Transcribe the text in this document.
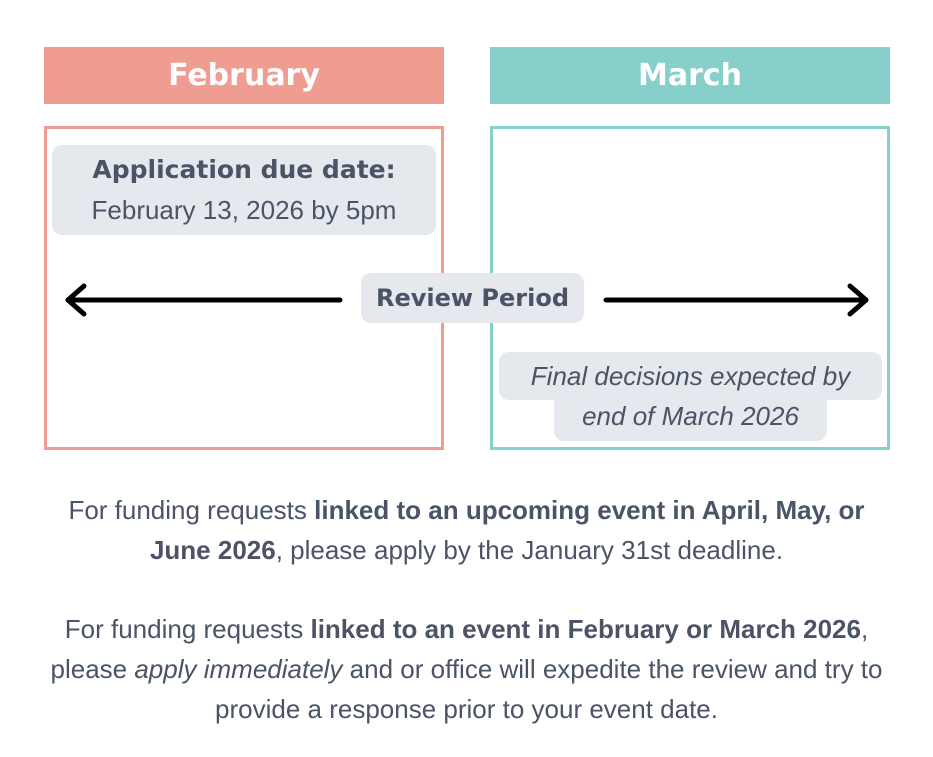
February	March
Application due date:
February 13, 2026 by 5pm
Review Period
end of March 2026
Final decisions expected by
For funding requests linked to an upcoming event in April, May, or June 2026, please apply by the January 31st deadline.
For funding requests linked to an event in February or March 2026, please apply immediately and or office will expedite the review and try to provide a response prior to your event date.
